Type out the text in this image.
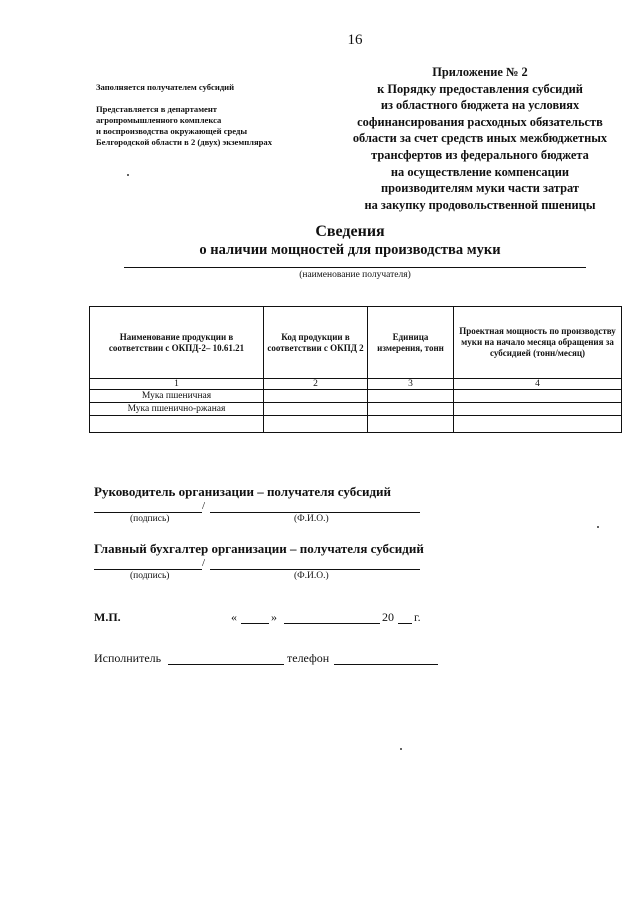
16
Заполняется получателем субсидий
Представляется в департамент
агропромышленного комплекса
и воспроизводства окружающей среды
Белгородской области в 2 (двух) экземплярах
Приложение № 2
к Порядку предоставления субсидий
из областного бюджета на условиях
софинансирования расходных обязательств
области за счет средств иных межбюджетных
трансфертов из федерального бюджета
на осуществление компенсации
производителям муки части затрат
на закупку продовольственной пшеницы
Сведения
о наличии мощностей для производства муки
(наименование получателя)
Наименование продукции в соответствии с ОКПД-2– 10.61.21	Код продукции в соответствии с ОКПД 2	Единица измерения, тонн	Проектная мощность по производству муки на начало месяца обращения за субсидией (тонн/месяц)
1	2	3	4
Мука пшеничная			
Мука пшенично-ржаная			

Руководитель организации – получателя субсидий
/
(подпись)	(Ф.И.О.)
Главный бухгалтер организации – получателя субсидий
/
(подпись)	(Ф.И.О.)
М.П.	«	»	20 г.
Исполнитель	телефон
